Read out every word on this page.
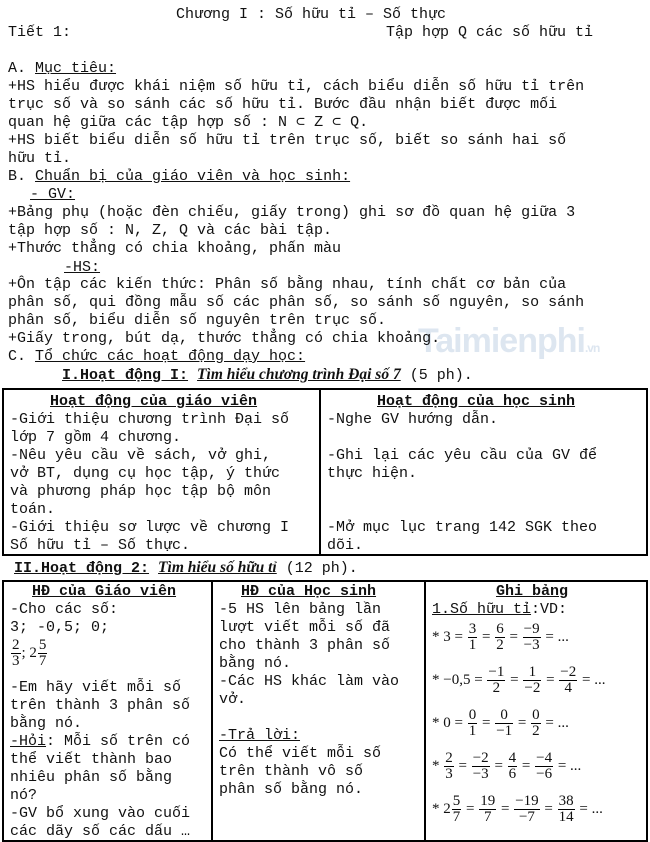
Taimienphi.vn
Chương I : Số hữu tỉ – Số thực
Tiết 1:	Tập hợp Q các số hữu tỉ
A. Mục tiêu:
+HS hiểu được khái niệm số hữu tỉ, cách biểu diễn số hữu tỉ trên
trục số và so sánh các số hữu tỉ. Bước đầu nhận biết được mối
quan hệ giữa các tập hợp số : N ⊂ Z ⊂ Q.
+HS biết biểu diễn số hữu tỉ trên trục số, biết so sánh hai số
hữu tỉ.
B. Chuẩn bị của giáo viên và học sinh:
- GV:
+Bảng phụ (hoặc đèn chiếu, giấy trong) ghi sơ đồ quan hệ giữa 3
tập hợp số : N, Z, Q và các bài tập.
+Thước thẳng có chia khoảng, phấn màu
-HS:
+Ôn tập các kiến thức: Phân số bằng nhau, tính chất cơ bản của
phân số, qui đồng mẫu số các phân số, so sánh số nguyên, so sánh
phân số, biểu diễn số nguyên trên trục số.
+Giấy trong, bút dạ, thước thẳng có chia khoảng.
C. Tổ chức các hoạt động dạy học:
I.Hoạt động I: Tìm hiểu chương trình Đại số 7 (5 ph).
Hoạt động của giáo viên
-Giới thiệu chương trình Đại số
lớp 7 gồm 4 chương.
-Nêu yêu cầu về sách, vở ghi,
vở BT, dụng cụ học tập, ý thức
và phương pháp học tập bộ môn
toán.
-Giới thiệu sơ lược về chương I
Số hữu tỉ – Số thực.
Hoạt động của học sinh
-Nghe GV hướng dẫn.
-Ghi lại các yêu cầu của GV để
thực hiện.
-Mở mục lục trang 142 SGK theo
dõi.
II.Hoạt động 2: Tìm hiểu số hữu tỉ (12 ph).
HĐ của Giáo viên
-Cho các số:
3; -0,5; 0;
$\frac{2}{3}$ ; $2 \frac{5}{7}$
-Em hãy viết mỗi số
trên thành 3 phân số
bằng nó.
-Hỏi: Mỗi số trên có
thể viết thành bao
nhiêu phân số bằng
nó?
-GV bổ xung vào cuối
các dãy số các dấu …
HĐ của Học sinh
-5 HS lên bảng lần
lượt viết mỗi số đã
cho thành 3 phân số
bằng nó.
-Các HS khác làm vào
vở.
-Trả lời:
Có thể viết mỗi số
trên thành vô số
phân số bằng nó.
Ghi bảng
1.Số hữu tỉ:VD:
* $3 = \frac{3}{1} = \frac{6}{2} = \frac{-9}{-3}$ = ...
* $-0,5 = \frac{-1}{2} = \frac{1}{-2} = \frac{-2}{4}$ = ...
* $0 = \frac{0}{1} = \frac{0}{-1} = \frac{0}{2}$ = ...
* $\frac{2}{3} = \frac{-2}{-3} = \frac{4}{6} = \frac{-4}{-6}$ = ...
* $2 \frac{5}{7} = \frac{19}{7} = \frac{-19}{-7} = \frac{38}{14}$ = ...
